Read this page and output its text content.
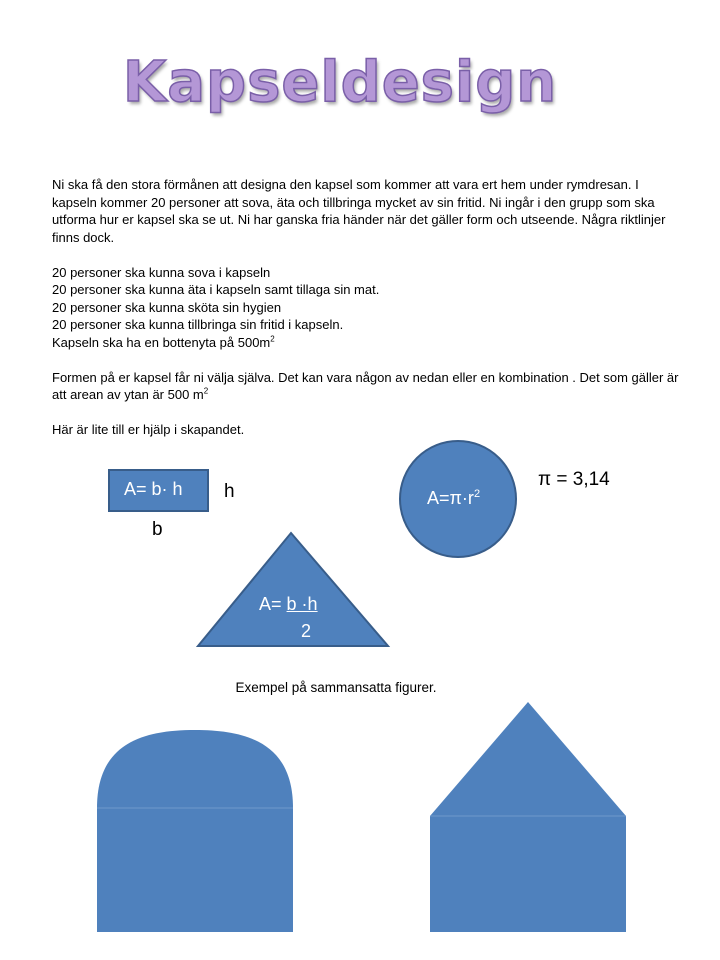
Kapseldesign

Ni ska få den stora förmånen att designa den kapsel som kommer att vara ert hem under rymdresan. I kapseln kommer 20 personer att sova, äta och tillbringa mycket av sin fritid. Ni ingår i den grupp som ska utforma hur er kapsel ska se ut. Ni har ganska fria händer när det gäller form och utseende. Några riktlinjer finns dock.

20 personer ska kunna sova i kapseln

20 personer ska kunna äta i kapseln samt tillaga sin mat.

20 personer ska kunna sköta sin hygien

20 personer ska kunna tillbringa sin fritid i kapseln.

Kapseln ska ha en bottenyta på $500m^2$

Formen på er kapsel får ni välja själva. Det kan vara någon av nedan eller en kombination . Det som gäller är att arean av ytan är 500 $m^2$

Här är lite till er hjälp i skapandet.

A= b· h h
b
$A=\pi\cdot r^2$
π = 3,14
A= b ·h
2
Exempel på sammansatta figurer.
